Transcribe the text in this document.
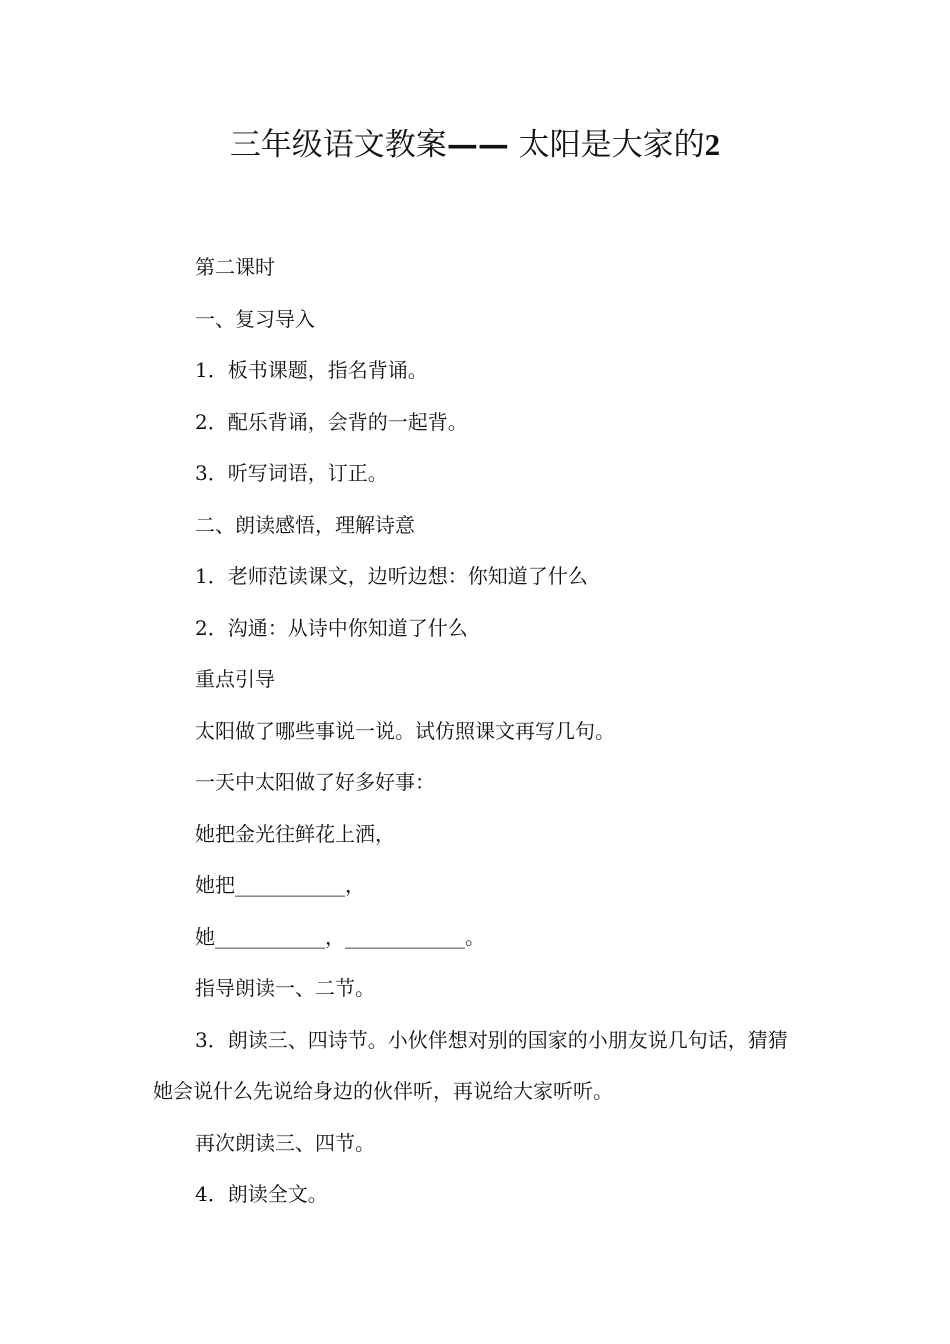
三年级语文教案—— 太阳是大家的2

第二课时

一、复习导入

1．板书课题，指名背诵。

2．配乐背诵，会背的一起背。

3．听写词语，订正。

二、朗读感悟，理解诗意

1．老师范读课文，边听边想：你知道了什么

2．沟通：从诗中你知道了什么

重点引导

太阳做了哪些事说一说。试仿照课文再写几句。

一天中太阳做了好多好事：

她把金光往鲜花上洒，

她把___________，

她___________，____________。

指导朗读一、二节。

3．朗读三、四诗节。小伙伴想对别的国家的小朋友说几句话，猜猜她会说什么先说给身边的伙伴听，再说给大家听听。

再次朗读三、四节。

4．朗读全文。
